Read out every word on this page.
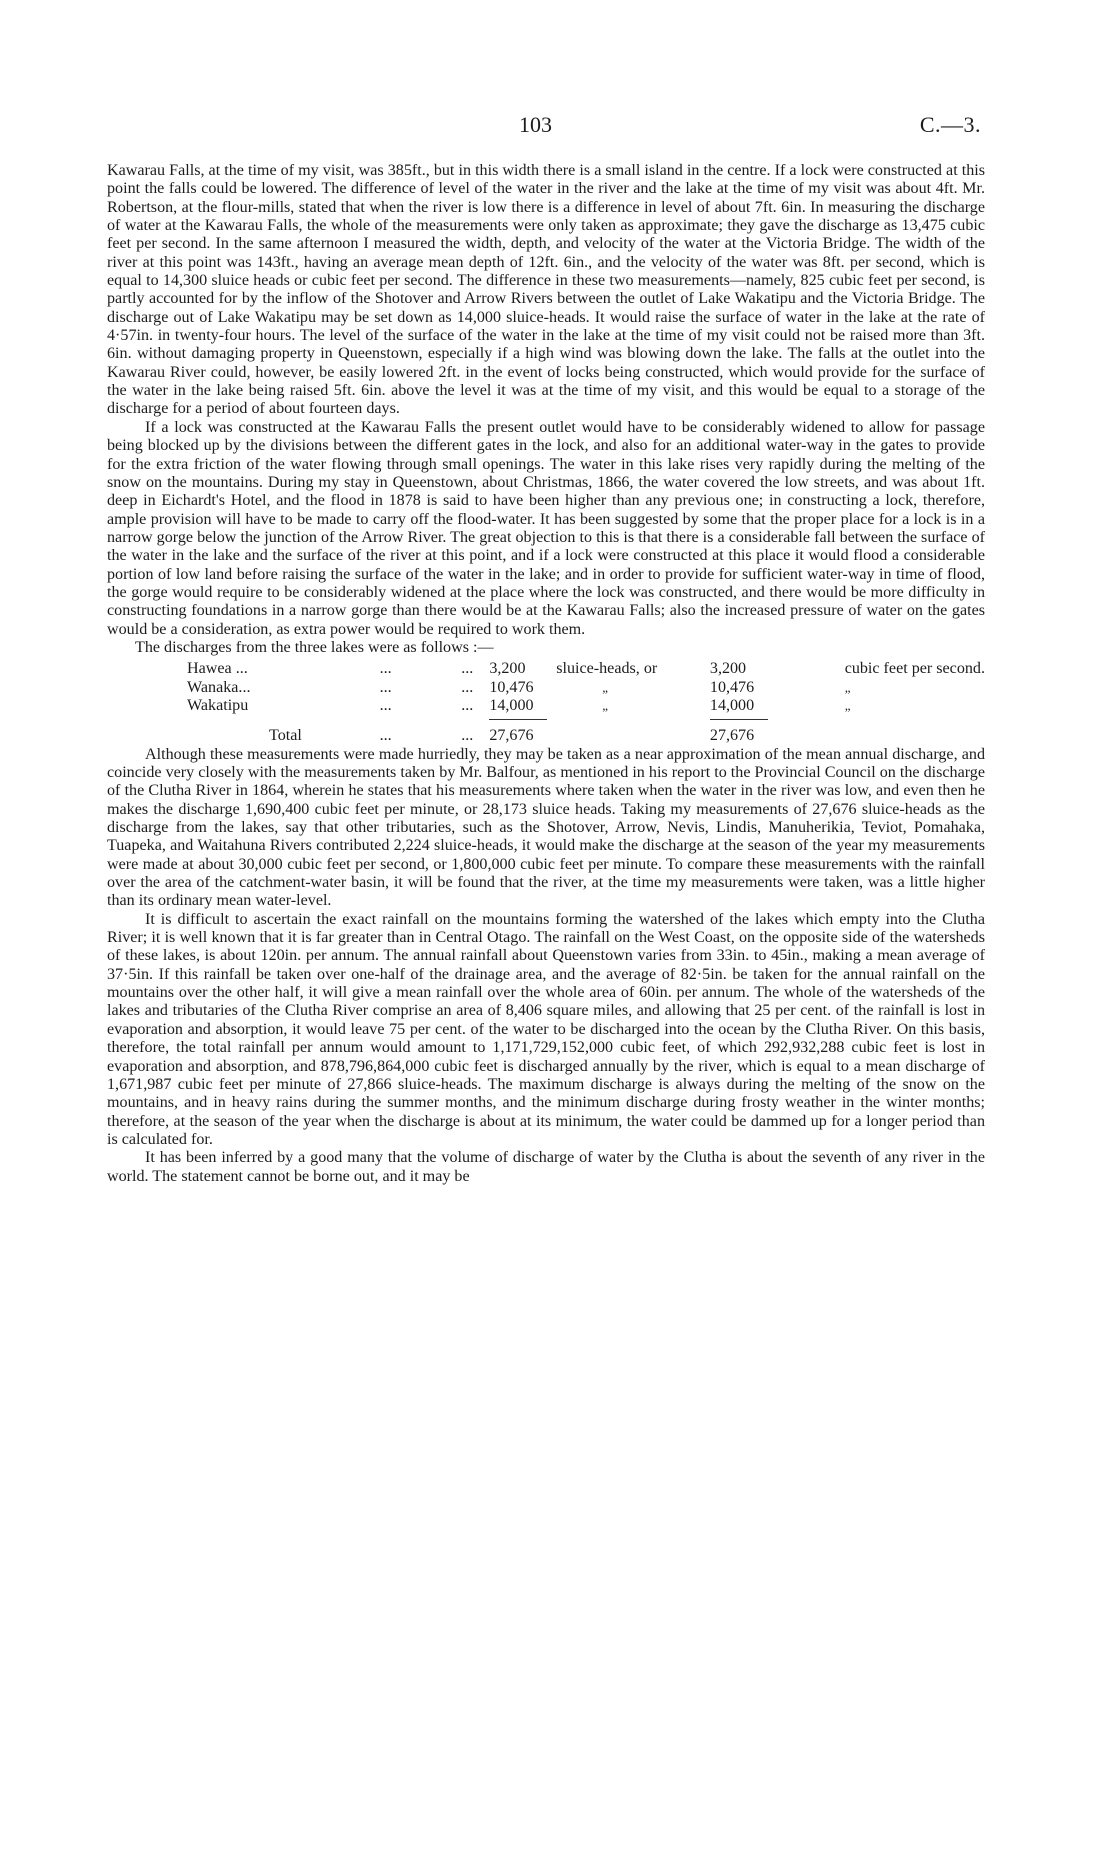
103	C.—3.

Kawarau Falls, at the time of my visit, was 385ft., but in this width there is a small island in the centre. If a lock were constructed at this point the falls could be lowered. The difference of level of the water in the river and the lake at the time of my visit was about 4ft. Mr. Robertson, at the flour-mills, stated that when the river is low there is a difference in level of about 7ft. 6in. In measuring the discharge of water at the Kawarau Falls, the whole of the measurements were only taken as approximate; they gave the discharge as 13,475 cubic feet per second. In the same afternoon I measured the width, depth, and velocity of the water at the Victoria Bridge. The width of the river at this point was 143ft., having an average mean depth of 12ft. 6in., and the velocity of the water was 8ft. per second, which is equal to 14,300 sluice heads or cubic feet per second. The difference in these two measurements—namely, 825 cubic feet per second, is partly accounted for by the inflow of the Shotover and Arrow Rivers between the outlet of Lake Wakatipu and the Victoria Bridge. The discharge out of Lake Wakatipu may be set down as 14,000 sluice-heads. It would raise the surface of water in the lake at the rate of 4·57in. in twenty-four hours. The level of the surface of the water in the lake at the time of my visit could not be raised more than 3ft. 6in. without damaging property in Queenstown, especially if a high wind was blowing down the lake. The falls at the outlet into the Kawarau River could, however, be easily lowered 2ft. in the event of locks being constructed, which would provide for the surface of the water in the lake being raised 5ft. 6in. above the level it was at the time of my visit, and this would be equal to a storage of the discharge for a period of about fourteen days.

If a lock was constructed at the Kawarau Falls the present outlet would have to be considerably widened to allow for passage being blocked up by the divisions between the different gates in the lock, and also for an additional water-way in the gates to provide for the extra friction of the water flowing through small openings. The water in this lake rises very rapidly during the melting of the snow on the mountains. During my stay in Queenstown, about Christmas, 1866, the water covered the low streets, and was about 1ft. deep in Eichardt's Hotel, and the flood in 1878 is said to have been higher than any previous one; in constructing a lock, therefore, ample provision will have to be made to carry off the flood-water. It has been suggested by some that the proper place for a lock is in a narrow gorge below the junction of the Arrow River. The great objection to this is that there is a considerable fall between the surface of the water in the lake and the surface of the river at this point, and if a lock were constructed at this place it would flood a considerable portion of low land before raising the surface of the water in the lake; and in order to provide for sufficient water-way in time of flood, the gorge would require to be considerably widened at the place where the lock was constructed, and there would be more difficulty in constructing foundations in a narrow gorge than there would be at the Kawarau Falls; also the increased pressure of water on the gates would be a consideration, as extra power would be required to work them.

The discharges from the three lakes were as follows :—

Hawea ...	...	...	3,200	sluice-heads, or	3,200	cubic feet per second.
Wanaka...	...	...	10,476	„	10,476	„
Wakatipu	...	...	14,000	„	14,000	„

Total	...	...	27,676		27,676	

Although these measurements were made hurriedly, they may be taken as a near approximation of the mean annual discharge, and coincide very closely with the measurements taken by Mr. Balfour, as mentioned in his report to the Provincial Council on the discharge of the Clutha River in 1864, wherein he states that his measurements where taken when the water in the river was low, and even then he makes the discharge 1,690,400 cubic feet per minute, or 28,173 sluice heads. Taking my measurements of 27,676 sluice-heads as the discharge from the lakes, say that other tributaries, such as the Shotover, Arrow, Nevis, Lindis, Manuherikia, Teviot, Pomahaka, Tuapeka, and Waitahuna Rivers contributed 2,224 sluice-heads, it would make the discharge at the season of the year my measurements were made at about 30,000 cubic feet per second, or 1,800,000 cubic feet per minute. To compare these measurements with the rainfall over the area of the catchment-water basin, it will be found that the river, at the time my measurements were taken, was a little higher than its ordinary mean water-level.

It is difficult to ascertain the exact rainfall on the mountains forming the watershed of the lakes which empty into the Clutha River; it is well known that it is far greater than in Central Otago. The rainfall on the West Coast, on the opposite side of the watersheds of these lakes, is about 120in. per annum. The annual rainfall about Queenstown varies from 33in. to 45in., making a mean average of 37·5in. If this rainfall be taken over one-half of the drainage area, and the average of 82·5in. be taken for the annual rainfall on the mountains over the other half, it will give a mean rainfall over the whole area of 60in. per annum. The whole of the watersheds of the lakes and tributaries of the Clutha River comprise an area of 8,406 square miles, and allowing that 25 per cent. of the rainfall is lost in evaporation and absorption, it would leave 75 per cent. of the water to be discharged into the ocean by the Clutha River. On this basis, therefore, the total rainfall per annum would amount to 1,171,729,152,000 cubic feet, of which 292,932,288 cubic feet is lost in evaporation and absorption, and 878,796,864,000 cubic feet is discharged annually by the river, which is equal to a mean discharge of 1,671,987 cubic feet per minute of 27,866 sluice-heads. The maximum discharge is always during the melting of the snow on the mountains, and in heavy rains during the summer months, and the minimum discharge during frosty weather in the winter months; therefore, at the season of the year when the discharge is about at its minimum, the water could be dammed up for a longer period than is calculated for.

It has been inferred by a good many that the volume of discharge of water by the Clutha is about the seventh of any river in the world. The statement cannot be borne out, and it may be
